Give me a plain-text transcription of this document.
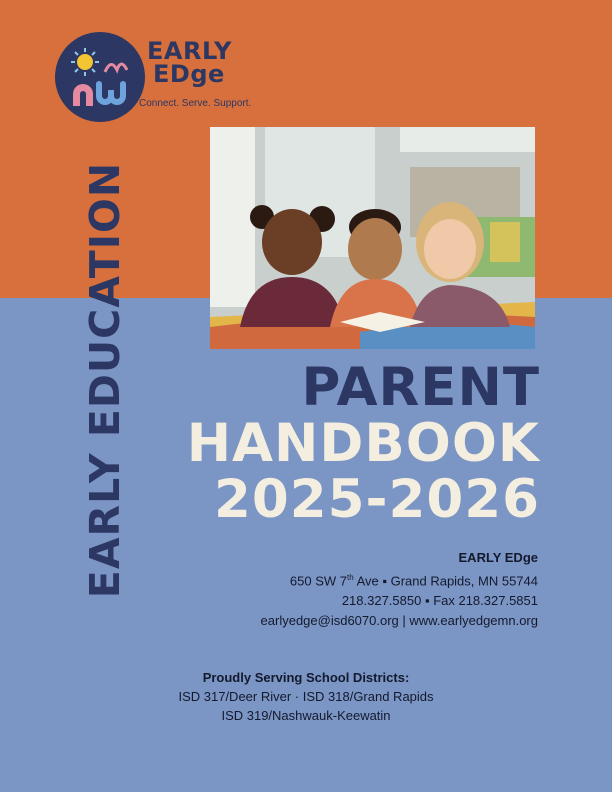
EARLY
EDge
Connect. Serve. Support.
EARLY EDUCATION	PARENT
HANDBOOK
2025-2026
EARLY EDge
650 SW 7th Ave ▪ Grand Rapids, MN 55744
218.327.5850 ▪ Fax 218.327.5851
earlyedge@isd6070.org | www.earlyedgemn.org
Proudly Serving School Districts:
ISD 317/Deer River · ISD 318/Grand Rapids
ISD 319/Nashwauk-Keewatin
